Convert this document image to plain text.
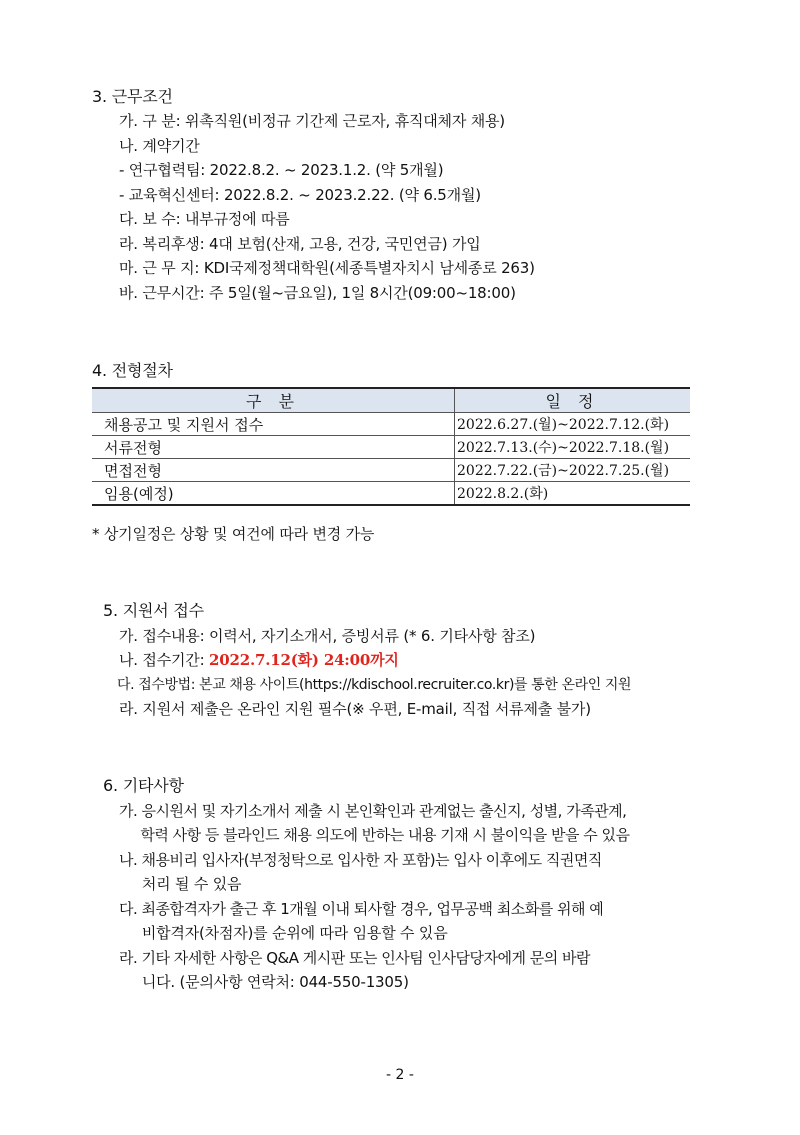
3. 근무조건
가. 구 분: 위촉직원(비정규 기간제 근로자, 휴직대체자 채용)
나. 계약기간
- 연구협력팀: 2022.8.2. ~ 2023.1.2. (약 5개월)
- 교육혁신센터: 2022.8.2. ~ 2023.2.22. (약 6.5개월)
다. 보 수: 내부규정에 따름
라. 복리후생: 4대 보험(산재, 고용, 건강, 국민연금) 가입
마. 근 무 지: KDI국제정책대학원(세종특별자치시 남세종로 263)
바. 근무시간: 주 5일(월~금요일), 1일 8시간(09:00~18:00)
4. 전형절차
구 분	일 정
채용공고 및 지원서 접수	2022.6.27.(월)~2022.7.12.(화)
서류전형	2022.7.13.(수)~2022.7.18.(월)
면접전형	2022.7.22.(금)~2022.7.25.(월)
임용(예정)	2022.8.2.(화)
* 상기일정은 상황 및 여건에 따라 변경 가능
5. 지원서 접수
가. 접수내용: 이력서, 자기소개서, 증빙서류 (* 6. 기타사항 참조)
나. 접수기간: 2022.7.12(화) 24:00까지
다. 접수방법: 본교 채용 사이트(https://kdischool.recruiter.co.kr)를 통한 온라인 지원
라. 지원서 제출은 온라인 지원 필수(※ 우편, E-mail, 직접 서류제출 불가)
6. 기타사항
가. 응시원서 및 자기소개서 제출 시 본인확인과 관계없는 출신지, 성별, 가족관계,
학력 사항 등 블라인드 채용 의도에 반하는 내용 기재 시 불이익을 받을 수 있음
나. 채용비리 입사자(부정청탁으로 입사한 자 포함)는 입사 이후에도 직권면직
처리 될 수 있음
다. 최종합격자가 출근 후 1개월 이내 퇴사할 경우, 업무공백 최소화를 위해 예
비합격자(차점자)를 순위에 따라 임용할 수 있음
라. 기타 자세한 사항은 Q&A 게시판 또는 인사팀 인사담당자에게 문의 바람
니다. (문의사항 연락처: 044-550-1305)
- 2 -
